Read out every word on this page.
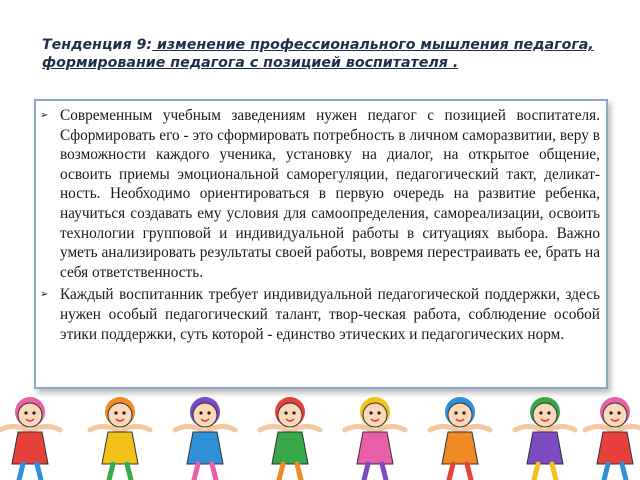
Тенденция 9: изменение профессионального мышления педагога, формирование педагога с позицией воспитателя .
➢ Современным учебным заведениям нужен педагог с позицией воспитателя. Сформировать его - это сформировать потребность в личном саморазвитии, веру в возможности каждого ученика, установку на диалог, на открытое общение, освоить приемы эмоциональной саморегуляции, педагогический такт, деликат-ность. Необходимо ориентироваться в первую очередь на развитие ребенка, научиться создавать ему условия для самоопределения, самореализации, освоить технологии групповой и индивидуальной работы в ситуациях выбора. Важно уметь анализировать результаты своей работы, вовремя перестраивать ее, брать на себя ответственность.
➢ Каждый воспитанник требует индивидуальной педагогической поддержки, здесь нужен особый педагогический талант, твор-ческая работа, соблюдение особой этики поддержки, суть которой - единство этических и педагогических норм.
